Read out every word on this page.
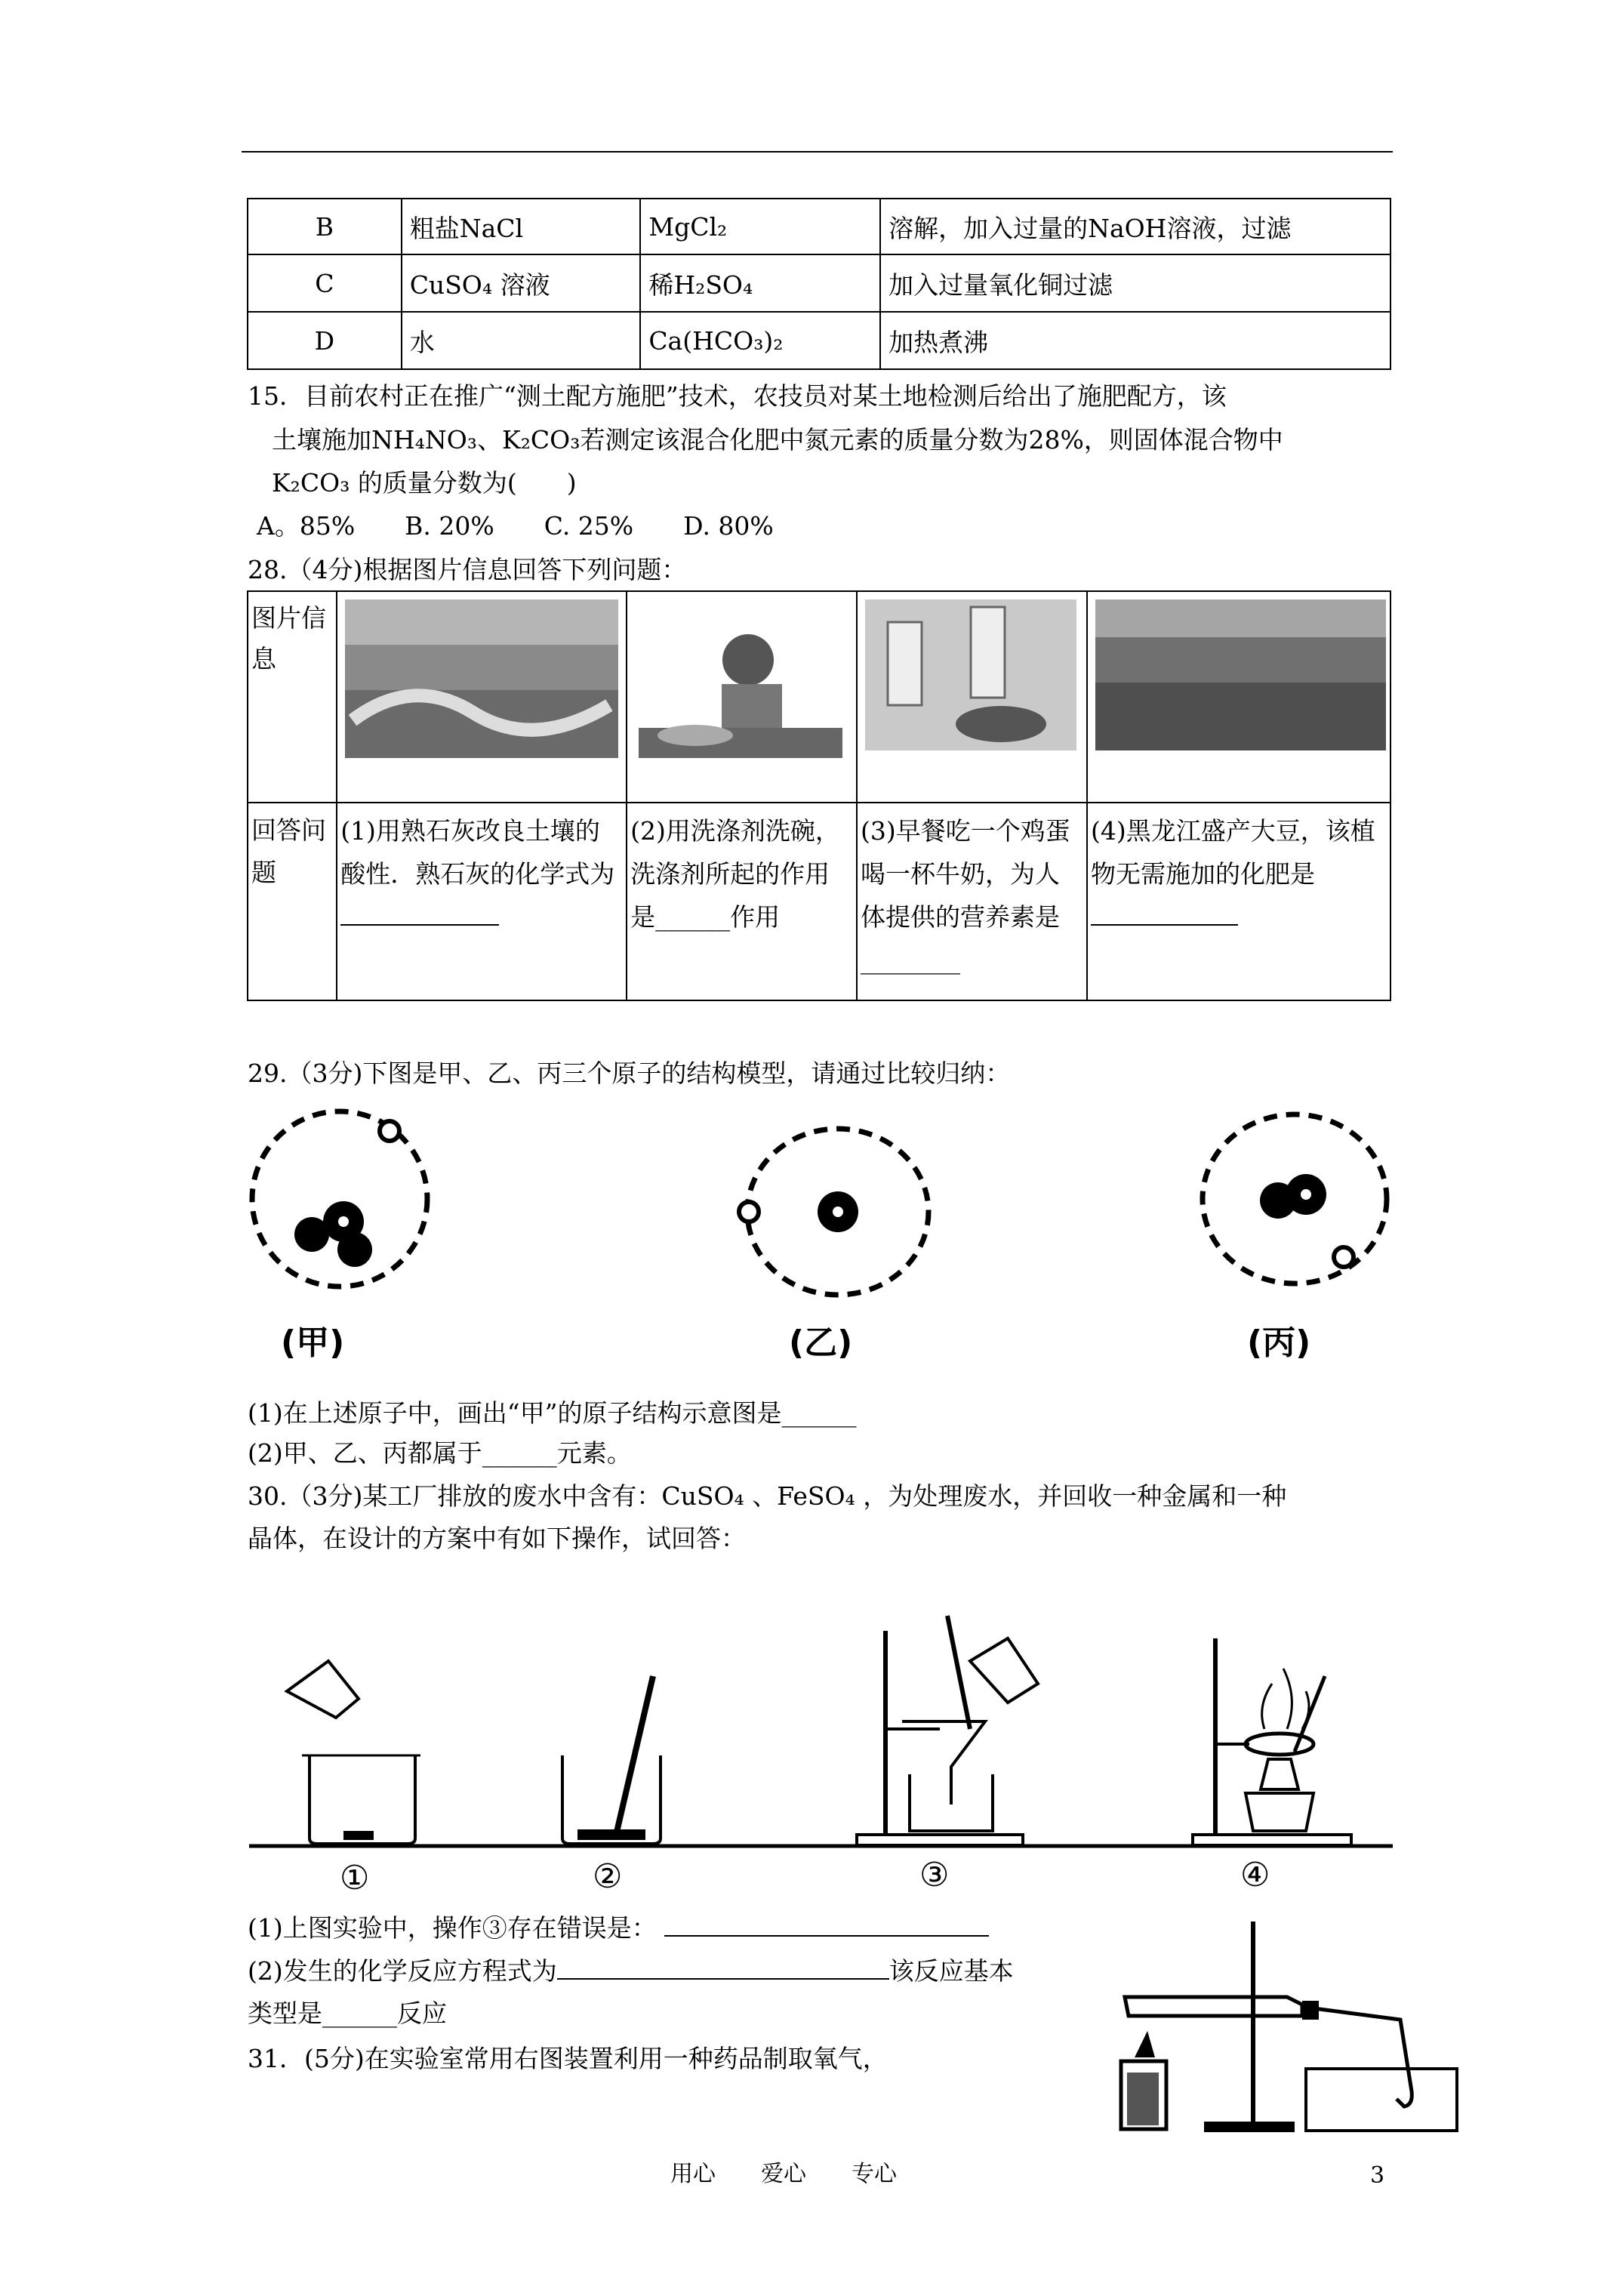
B	粗盐NaCl	MgCl₂	溶解，加入过量的NaOH溶液，过滤
C	CuSO₄ 溶液	稀H₂SO₄	加入过量氧化铜过滤
D	水	Ca(HCO₃)₂	加热煮沸
15．目前农村正在推广“测土配方施肥”技术，农技员对某土地检测后给出了施肥配方，该
土壤施加NH₄NO₃、K₂CO₃若测定该混合化肥中氮元素的质量分数为28%，则固体混合物中
K₂CO₃ 的质量分数为(　　)
A。85%　　B. 20%　　C. 25%　　D. 80%
28.（4分)根据图片信息回答下列问题：
图片信息				
回答问题	(1)用熟石灰改良土壤的酸性．熟石灰的化学式为	(2)用洗涤剂洗碗，洗涤剂所起的作用是______作用	(3)早餐吃一个鸡蛋喝一杯牛奶，为人体提供的营养素是________	(4)黑龙江盛产大豆，该植物无需施加的化肥是

29.（3分)下图是甲、乙、丙三个原子的结构模型，请通过比较归纳：
(甲)	(乙)	(丙)
(1)在上述原子中，画出“甲”的原子结构示意图是______
(2)甲、乙、丙都属于______元素。
30.（3分)某工厂排放的废水中含有：CuSO₄ 、FeSO₄ ，为处理废水，并回收一种金属和一种
晶体，在设计的方案中有如下操作，试回答：
①	②	③	④
(1)上图实验中，操作③存在错误是：
(2)发生的化学反应方程式为	该反应基本
类型是______反应
31．(5分)在实验室常用右图装置利用一种药品制取氧气，
用心　　爱心　　专心	3
